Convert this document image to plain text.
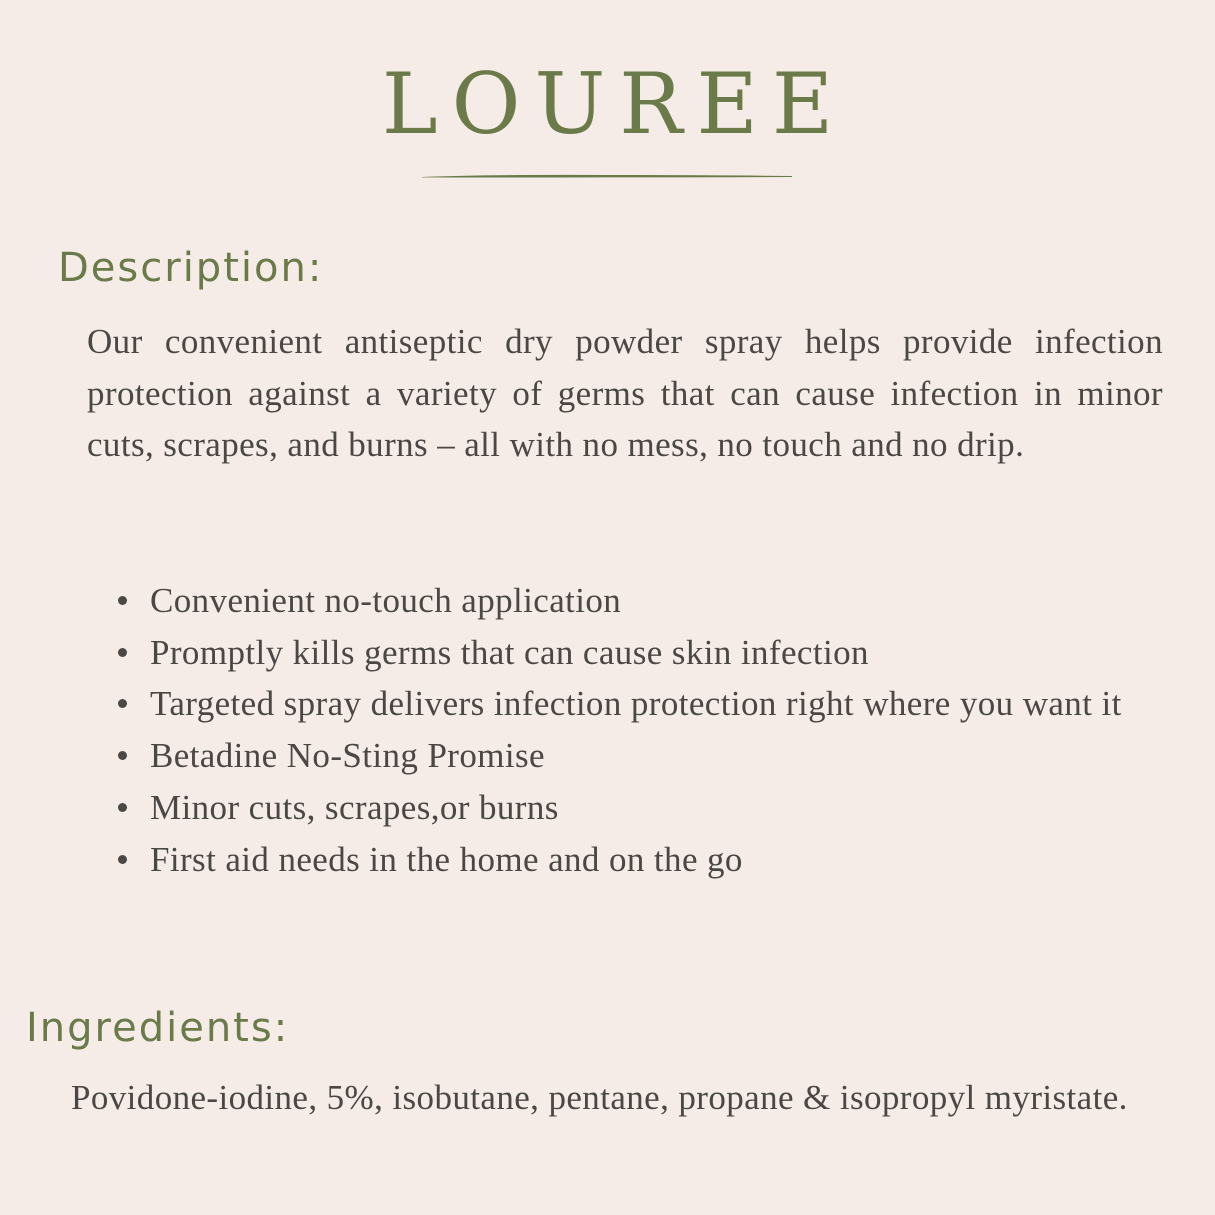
LOUREE
Description:

Our convenient antiseptic dry powder spray helps provide infection protection against a variety of germs that can cause infection in minor cuts, scrapes, and burns – all with no mess, no touch and no drip.

Convenient no-touch application
Promptly kills germs that can cause skin infection
Targeted spray delivers infection protection right where you want it
Betadine No-Sting Promise
Minor cuts, scrapes,or burns
First aid needs in the home and on the go
Ingredients:

Povidone-iodine, 5%, isobutane, pentane, propane & isopropyl myristate.
